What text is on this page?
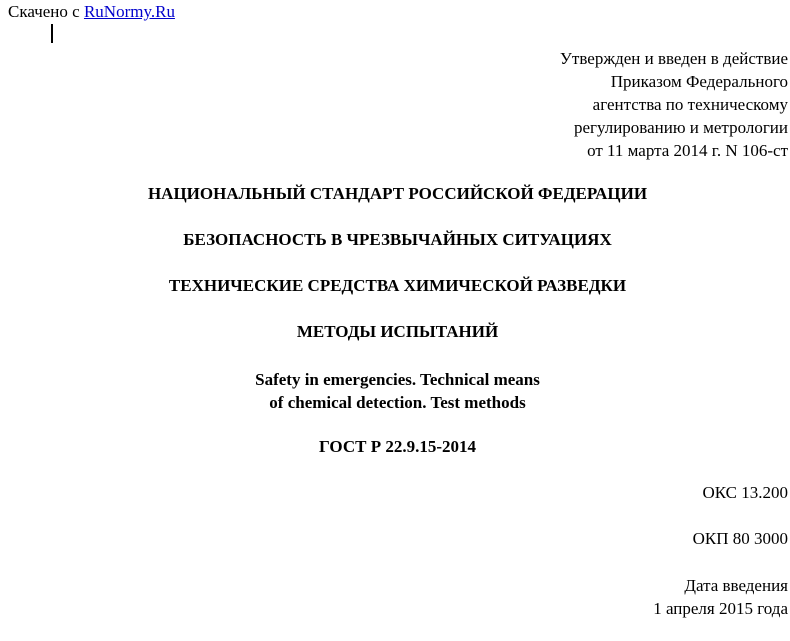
Скачено с RuNormy.Ru
Утвержден и введен в действие
Приказом Федерального
агентства по техническому
регулированию и метрологии
от 11 марта 2014 г. N 106-ст
НАЦИОНАЛЬНЫЙ СТАНДАРТ РОССИЙСКОЙ ФЕДЕРАЦИИ
БЕЗОПАСНОСТЬ В ЧРЕЗВЫЧАЙНЫХ СИТУАЦИЯХ
ТЕХНИЧЕСКИЕ СРЕДСТВА ХИМИЧЕСКОЙ РАЗВЕДКИ
МЕТОДЫ ИСПЫТАНИЙ
Safety in emergencies. Technical means
of chemical detection. Test methods
ГОСТ Р 22.9.15-2014
ОКС 13.200
ОКП 80 3000
Дата введения
1 апреля 2015 года
